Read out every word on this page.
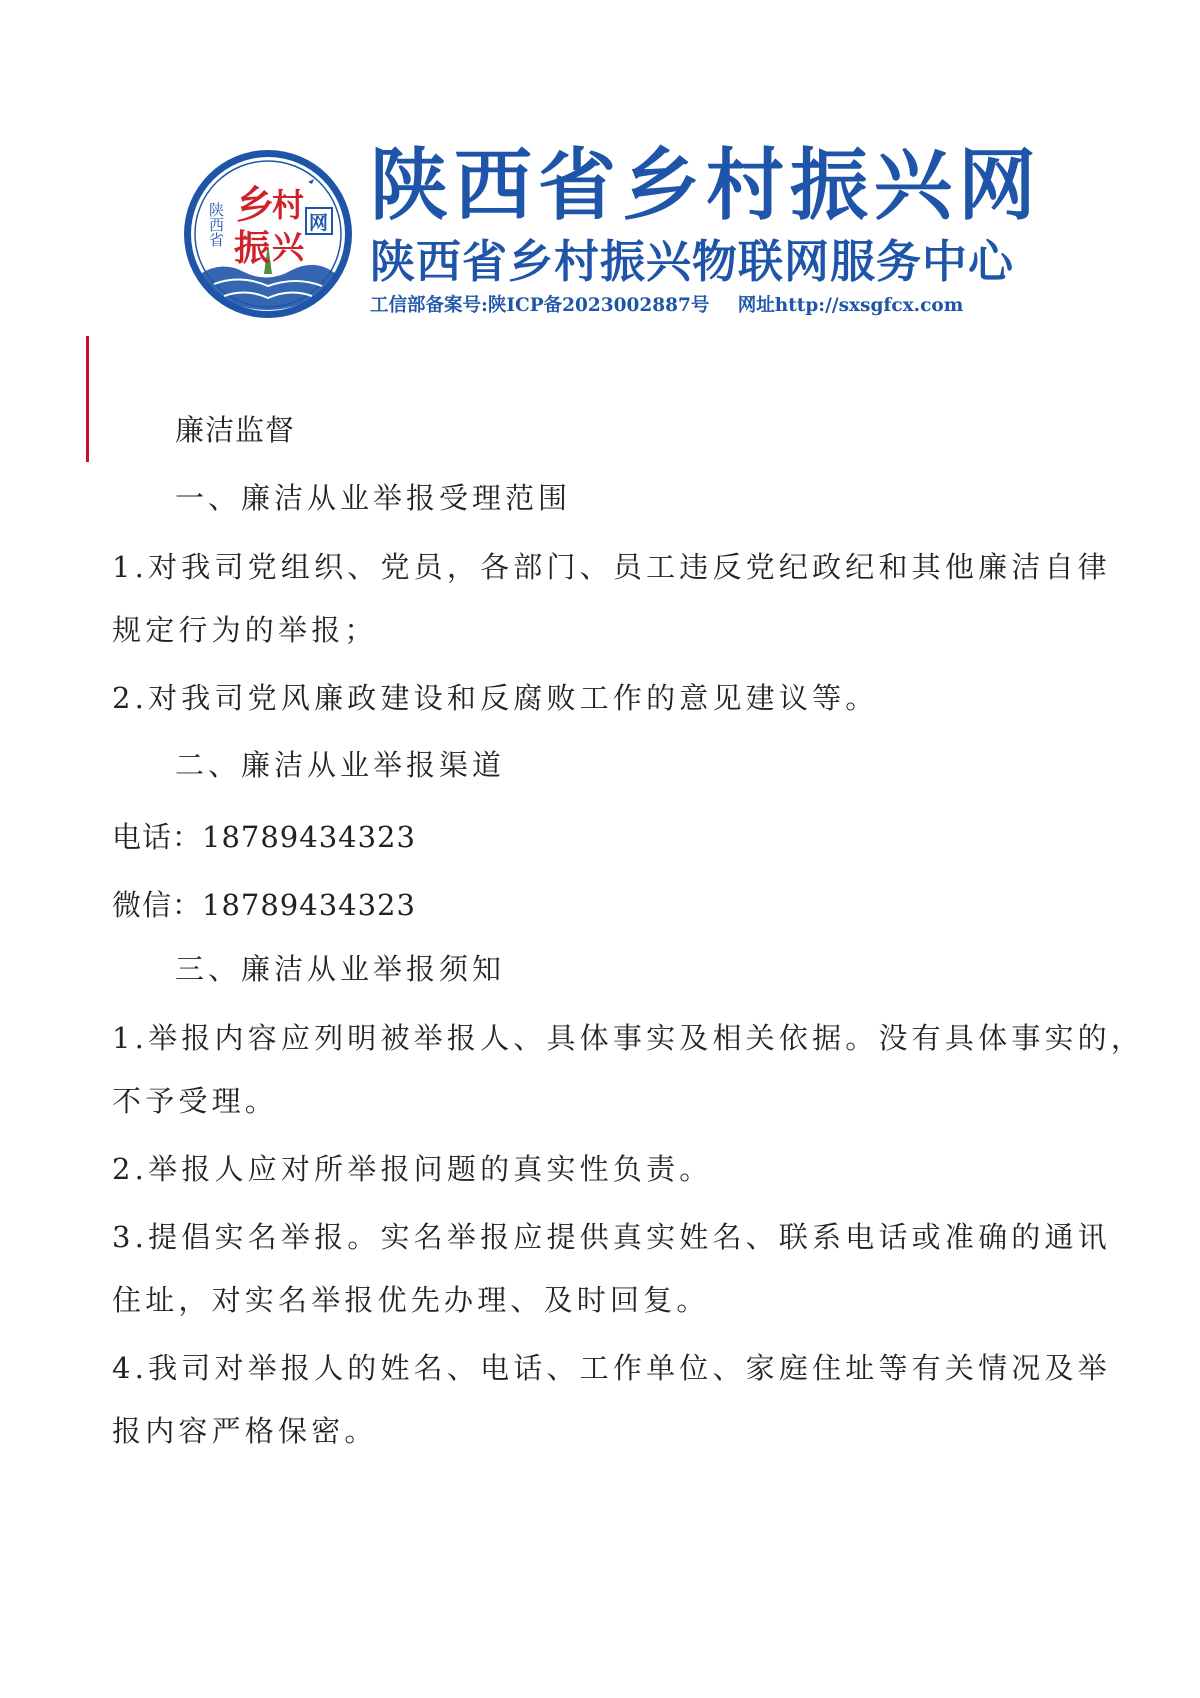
陕西省 乡
村
振 兴
网 陕西省乡村振兴网
陕西省乡村振兴物联网服务中心
工信部备案号:陕ICP备2023002887号 网址http://sxsgfcx.com

廉洁监督

一、廉洁从业举报受理范围

1.对我司党组织、党员，各部门、员工违反党纪政纪和其他廉洁自律

规定行为的举报；

2.对我司党风廉政建设和反腐败工作的意见建议等。

二、廉洁从业举报渠道

电话：18789434323

微信：18789434323

三、廉洁从业举报须知

1.举报内容应列明被举报人、具体事实及相关依据。没有具体事实的，

不予受理。

2.举报人应对所举报问题的真实性负责。

3.提倡实名举报。实名举报应提供真实姓名、联系电话或准确的通讯

住址，对实名举报优先办理、及时回复。

4.我司对举报人的姓名、电话、工作单位、家庭住址等有关情况及举

报内容严格保密。
